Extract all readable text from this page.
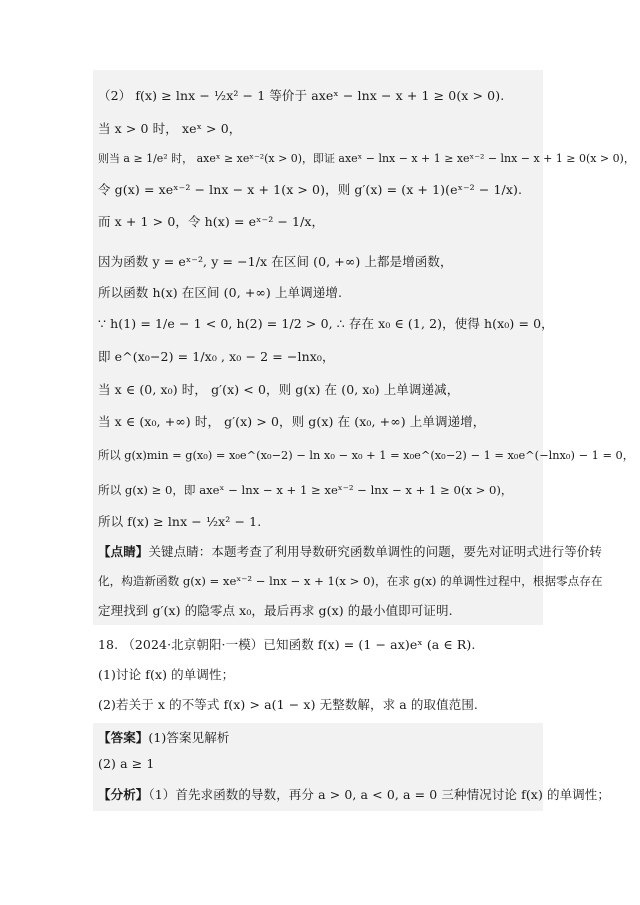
（2） f(x) ≥ lnx − ½x² − 1 等价于 axeˣ − lnx − x + 1 ≥ 0(x > 0).
当 x > 0 时， xeˣ > 0，
则当 a ≥ 1/e² 时， axeˣ ≥ xeˣ⁻²(x > 0)，即证 axeˣ − lnx − x + 1 ≥ xeˣ⁻² − lnx − x + 1 ≥ 0(x > 0)，
令 g(x) = xeˣ⁻² − lnx − x + 1(x > 0)，则 g′(x) = (x + 1)(eˣ⁻² − 1/x).
而 x + 1 > 0，令 h(x) = eˣ⁻² − 1/x，
因为函数 y = eˣ⁻², y = −1/x 在区间 (0, +∞) 上都是增函数，
所以函数 h(x) 在区间 (0, +∞) 上单调递增.
∵ h(1) = 1/e − 1 < 0, h(2) = 1/2 > 0, ∴ 存在 x₀ ∈ (1, 2)，使得 h(x₀) = 0，
即 e^(x₀−2) = 1/x₀ , x₀ − 2 = −lnx₀，
当 x ∈ (0, x₀) 时， g′(x) < 0，则 g(x) 在 (0, x₀) 上单调递减，
当 x ∈ (x₀, +∞) 时， g′(x) > 0，则 g(x) 在 (x₀, +∞) 上单调递增，
所以 g(x)min = g(x₀) = x₀e^(x₀−2) − ln x₀ − x₀ + 1 = x₀e^(x₀−2) − 1 = x₀e^(−lnx₀) − 1 = 0，
所以 g(x) ≥ 0，即 axeˣ − lnx − x + 1 ≥ xeˣ⁻² − lnx − x + 1 ≥ 0(x > 0)，
所以 f(x) ≥ lnx − ½x² − 1.
【点睛】关键点睛：本题考查了利用导数研究函数单调性的问题，要先对证明式进行等价转
化，构造新函数 g(x) = xeˣ⁻² − lnx − x + 1(x > 0)，在求 g(x) 的单调性过程中，根据零点存在
定理找到 g′(x) 的隐零点 x₀，最后再求 g(x) 的最小值即可证明.
18. （2024·北京朝阳·一模）已知函数 f(x) = (1 − ax)eˣ (a ∈ R).
(1)讨论 f(x) 的单调性；
(2)若关于 x 的不等式 f(x) > a(1 − x) 无整数解，求 a 的取值范围.
【答案】(1)答案见解析
(2) a ≥ 1
【分析】（1）首先求函数的导数，再分 a > 0, a < 0, a = 0 三种情况讨论 f(x) 的单调性；
